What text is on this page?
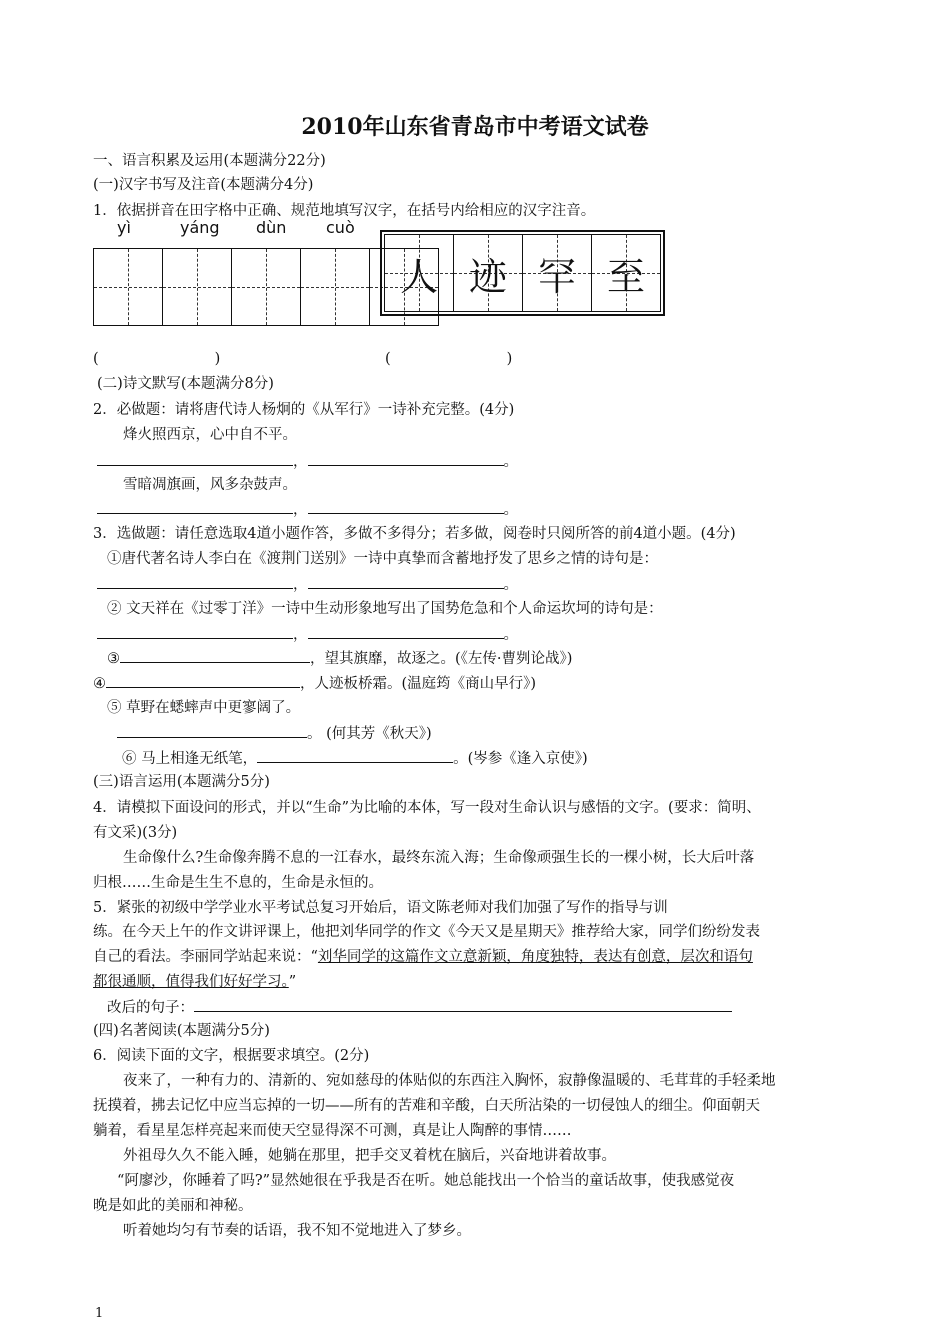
2010年山东省青岛市中考语文试卷
一、语言积累及运用(本题满分22分)
(一)汉字书写及注音(本题满分4分)
1．依据拼音在田字格中正确、规范地填写汉字，在括号内给相应的汉字注音。
yì	yáng dùn cuò
人 迹 罕 至
(　　　　　　　　)	(　　　　　　　　)
(二)诗文默写(本题满分8分)
2．必做题：请将唐代诗人杨炯的《从军行》一诗补充完整。(4分)
烽火照西京，心中自不平。
，	。
雪暗凋旗画，风多杂鼓声。
，	。
3．选做题：请任意选取4道小题作答，多做不多得分；若多做，阅卷时只阅所答的前4道小题。(4分)
①唐代著名诗人李白在《渡荆门送别》一诗中真挚而含蓄地抒发了思乡之情的诗句是：
，	。
② 文天祥在《过零丁洋》一诗中生动形象地写出了国势危急和个人命运坎坷的诗句是：
，	。
③	，望其旗靡，故逐之。(《左传·曹刿论战》)
④	，人迹板桥霜。(温庭筠《商山早行》)
⑤ 草野在蟋蟀声中更寥阔了。
。 (何其芳《秋天》)
⑥ 马上相逢无纸笔，	。(岑参《逢入京使》)
(三)语言运用(本题满分5分)
4．请模拟下面设问的形式，并以“生命”为比喻的本体，写一段对生命认识与感悟的文字。(要求：简明、
有文采)(3分)
生命像什么?生命像奔腾不息的一江春水，最终东流入海；生命像顽强生长的一棵小树，长大后叶落
归根……生命是生生不息的，生命是永恒的。
5．紧张的初级中学学业水平考试总复习开始后，语文陈老师对我们加强了写作的指导与训
练。在今天上午的作文讲评课上，他把刘华同学的作文《今天又是星期天》推荐给大家，同学们纷纷发表
自己的看法。李丽同学站起来说：“刘华同学的这篇作文立意新颖，角度独特，表达有创意，层次和语句
都很通顺，值得我们好好学习。”
改后的句子：
(四)名著阅读(本题满分5分)
6．阅读下面的文字，根据要求填空。(2分)
夜来了，一种有力的、清新的、宛如慈母的体贴似的东西注入胸怀，寂静像温暖的、毛茸茸的手轻柔地
抚摸着，拂去记忆中应当忘掉的一切——所有的苦难和辛酸，白天所沾染的一切侵蚀人的细尘。仰面朝天
躺着，看星星怎样亮起来而使天空显得深不可测，真是让人陶醉的事情……
外祖母久久不能入睡，她躺在那里，把手交叉着枕在脑后，兴奋地讲着故事。
“阿廖沙，你睡着了吗?”显然她很在乎我是否在听。她总能找出一个恰当的童话故事，使我感觉夜
晚是如此的美丽和神秘。
听着她均匀有节奏的话语，我不知不觉地进入了梦乡。
1
